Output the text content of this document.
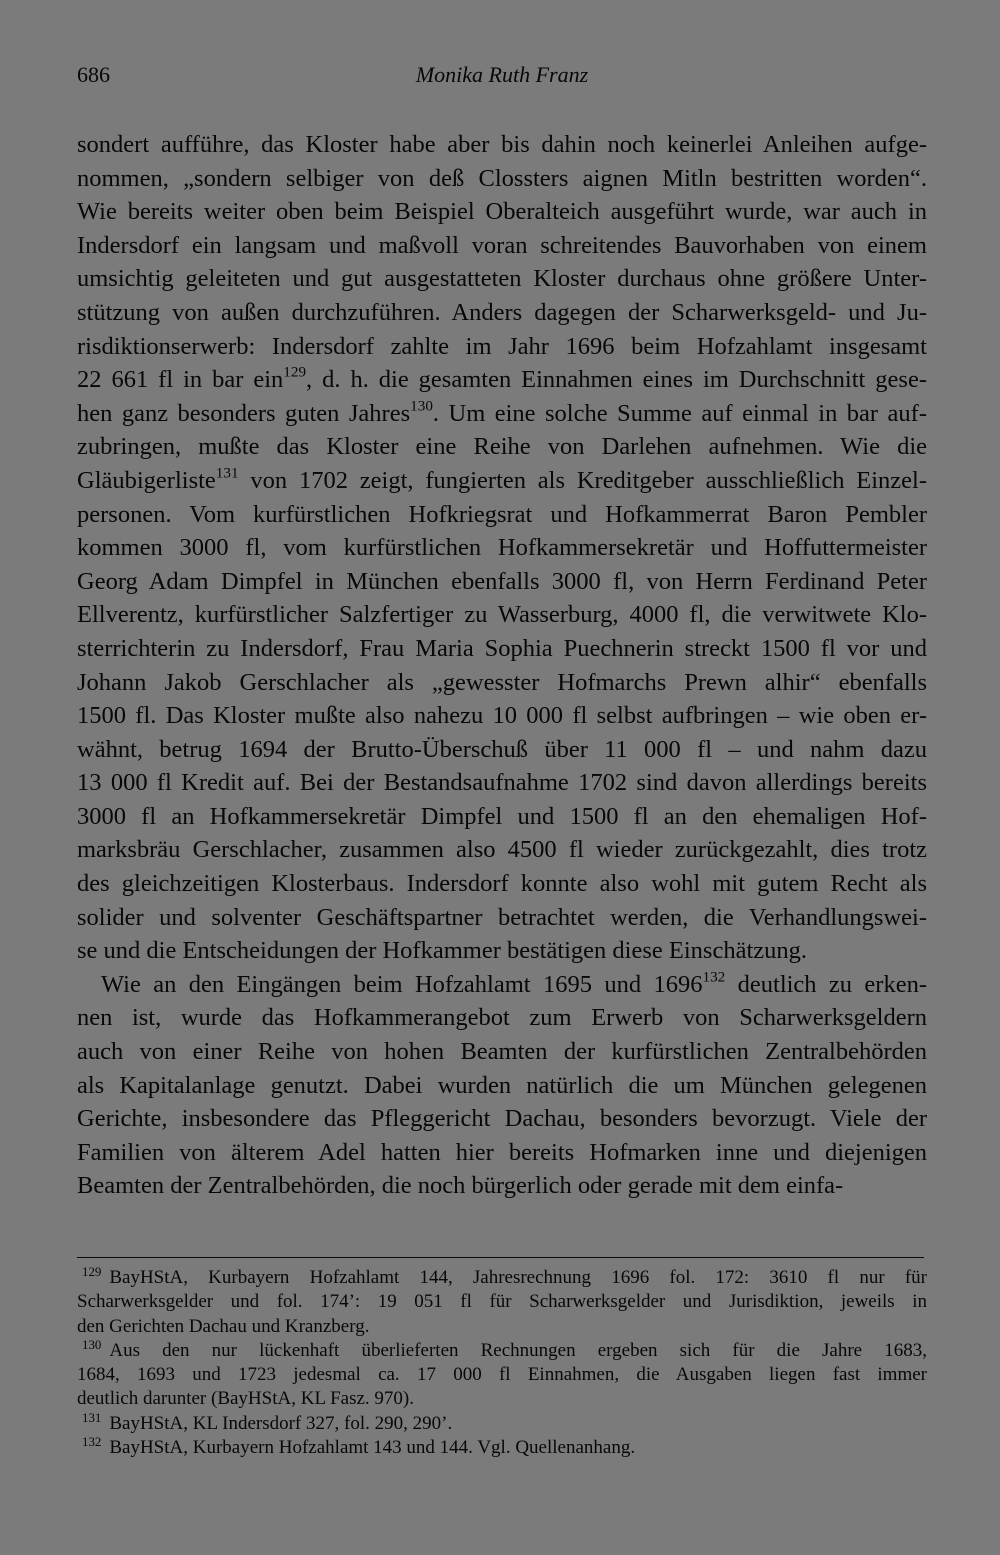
686	Monika Ruth Franz
sondert aufführe, das Kloster habe aber bis dahin noch keinerlei Anleihen aufge-
nommen, „sondern selbiger von deß Clossters aignen Mitln bestritten worden“.
Wie bereits weiter oben beim Beispiel Oberalteich ausgeführt wurde, war auch in
Indersdorf ein langsam und maßvoll voran schreitendes Bauvorhaben von einem
umsichtig geleiteten und gut ausgestatteten Kloster durchaus ohne größere Unter-
stützung von außen durchzuführen. Anders dagegen der Scharwerksgeld- und Ju-
risdiktionserwerb: Indersdorf zahlte im Jahr 1696 beim Hofzahlamt insgesamt
22 661 fl in bar ein$^{129}$, d. h. die gesamten Einnahmen eines im Durchschnitt gese-
hen ganz besonders guten Jahres$^{130}$. Um eine solche Summe auf einmal in bar auf-
zubringen, mußte das Kloster eine Reihe von Darlehen aufnehmen. Wie die
Gläubigerliste$^{131}$ von 1702 zeigt, fungierten als Kreditgeber ausschließlich Einzel-
personen. Vom kurfürstlichen Hofkriegsrat und Hofkammerrat Baron Pembler
kommen 3000 fl, vom kurfürstlichen Hofkammersekretär und Hoffuttermeister
Georg Adam Dimpfel in München ebenfalls 3000 fl, von Herrn Ferdinand Peter
Ellverentz, kurfürstlicher Salzfertiger zu Wasserburg, 4000 fl, die verwitwete Klo-
sterrichterin zu Indersdorf, Frau Maria Sophia Puechnerin streckt 1500 fl vor und
Johann Jakob Gerschlacher als „gewesster Hofmarchs Prewn alhir“ ebenfalls
1500 fl. Das Kloster mußte also nahezu 10 000 fl selbst aufbringen – wie oben er-
wähnt, betrug 1694 der Brutto-Überschuß über 11 000 fl – und nahm dazu
13 000 fl Kredit auf. Bei der Bestandsaufnahme 1702 sind davon allerdings bereits
3000 fl an Hofkammersekretär Dimpfel und 1500 fl an den ehemaligen Hof-
marksbräu Gerschlacher, zusammen also 4500 fl wieder zurückgezahlt, dies trotz
des gleichzeitigen Klosterbaus. Indersdorf konnte also wohl mit gutem Recht als
solider und solventer Geschäftspartner betrachtet werden, die Verhandlungswei-
se und die Entscheidungen der Hofkammer bestätigen diese Einschätzung.
Wie an den Eingängen beim Hofzahlamt 1695 und 1696$^{132}$ deutlich zu erken-
nen ist, wurde das Hofkammerangebot zum Erwerb von Scharwerksgeldern
auch von einer Reihe von hohen Beamten der kurfürstlichen Zentralbehörden
als Kapitalanlage genutzt. Dabei wurden natürlich die um München gelegenen
Gerichte, insbesondere das Pfleggericht Dachau, besonders bevorzugt. Viele der
Familien von älterem Adel hatten hier bereits Hofmarken inne und diejenigen
Beamten der Zentralbehörden, die noch bürgerlich oder gerade mit dem einfa-
$^{129}$ BayHStA, Kurbayern Hofzahlamt 144, Jahresrechnung 1696 fol. 172: 3610 fl nur für
Scharwerksgelder und fol. 174’: 19 051 fl für Scharwerksgelder und Jurisdiktion, jeweils in
den Gerichten Dachau und Kranzberg.
$^{130}$ Aus den nur lückenhaft überlieferten Rechnungen ergeben sich für die Jahre 1683,
1684, 1693 und 1723 jedesmal ca. 17 000 fl Einnahmen, die Ausgaben liegen fast immer
deutlich darunter (BayHStA, KL Fasz. 970).
$^{131}$ BayHStA, KL Indersdorf 327, fol. 290, 290’.
$^{132}$ BayHStA, Kurbayern Hofzahlamt 143 und 144. Vgl. Quellenanhang.
